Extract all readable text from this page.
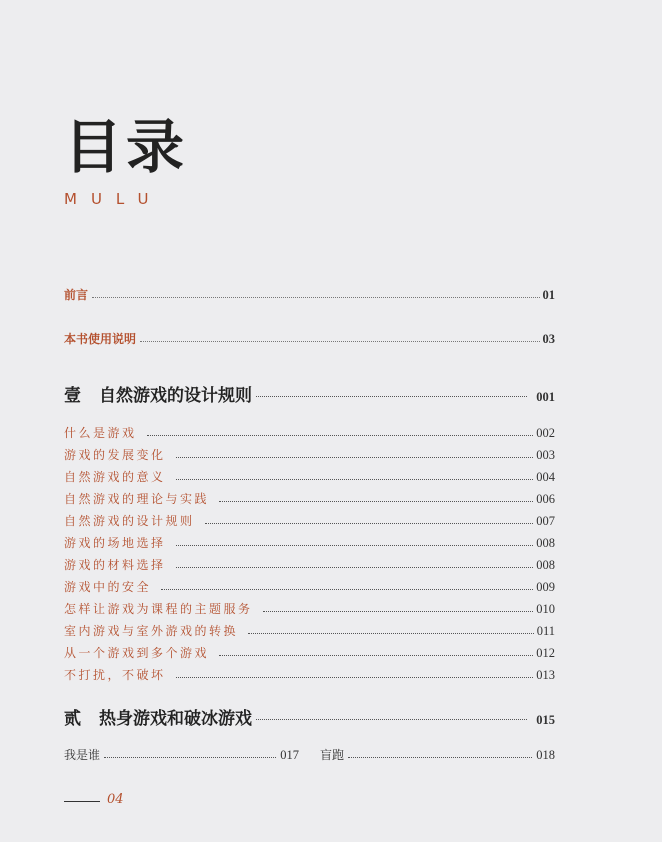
目录
MULU
前言	01
本书使用说明	03
壹 自然游戏的设计规则	001
什么是游戏	002
游戏的发展变化	003
自然游戏的意义	004
自然游戏的理论与实践	006
自然游戏的设计规则	007
游戏的场地选择	008
游戏的材料选择	008
游戏中的安全	009
怎样让游戏为课程的主题服务	010
室内游戏与室外游戏的转换	011
从一个游戏到多个游戏	012
不打扰，不破坏	013
贰 热身游戏和破冰游戏	015
我是谁	017 盲跑	018
04
